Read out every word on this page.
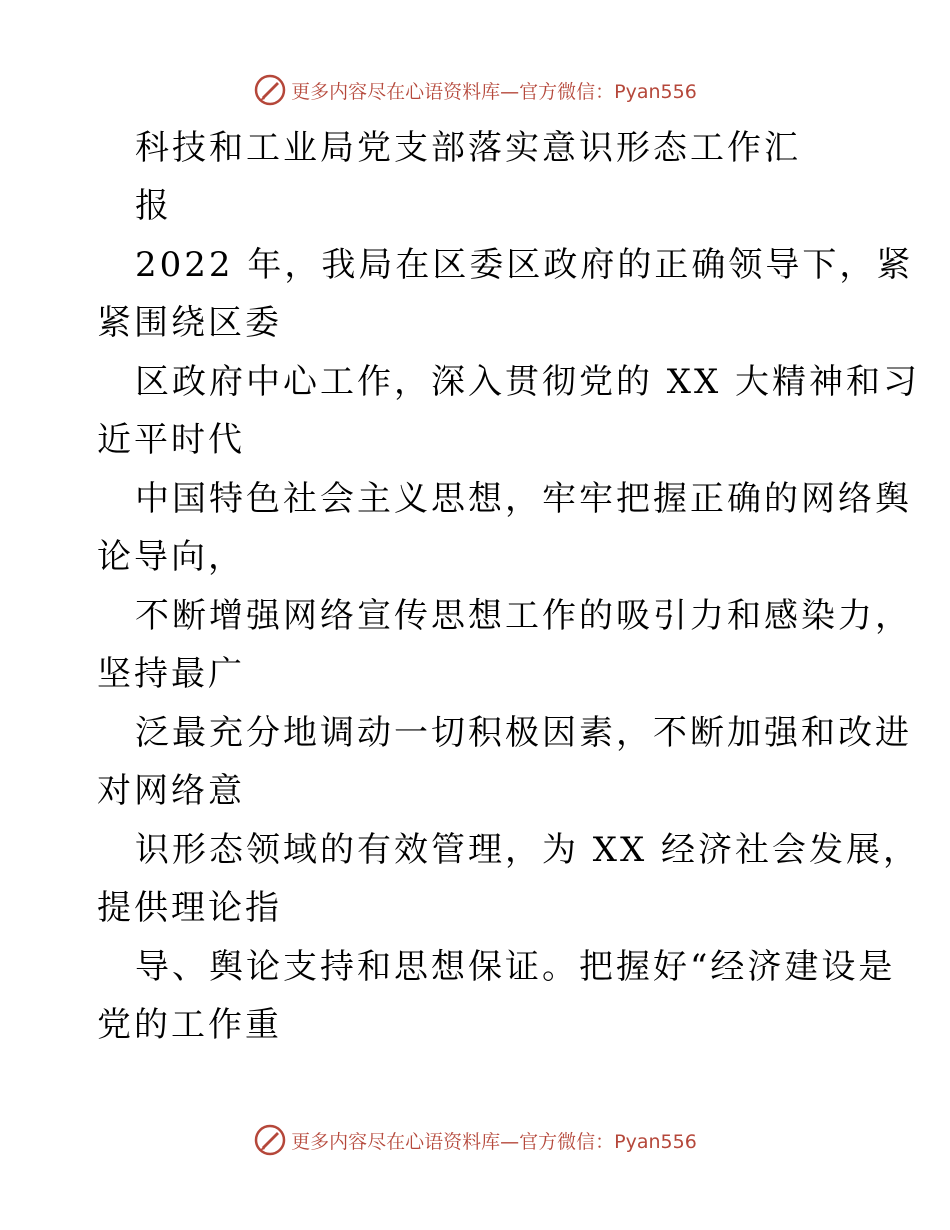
更多内容尽在心语资料库—官方微信：Pyan556
科技和工业局党支部落实意识形态工作汇
报
2022 年，我局在区委区政府的正确领导下，紧
紧围绕区委
区政府中心工作，深入贯彻党的 XX 大精神和习
近平时代
中国特色社会主义思想，牢牢把握正确的网络舆
论导向，
不断增强网络宣传思想工作的吸引力和感染力，
坚持最广
泛最充分地调动一切积极因素，不断加强和改进
对网络意
识形态领域的有效管理，为 XX 经济社会发展，
提供理论指
导、舆论支持和思想保证。把握好“经济建设是
党的工作重
更多内容尽在心语资料库—官方微信：Pyan556
